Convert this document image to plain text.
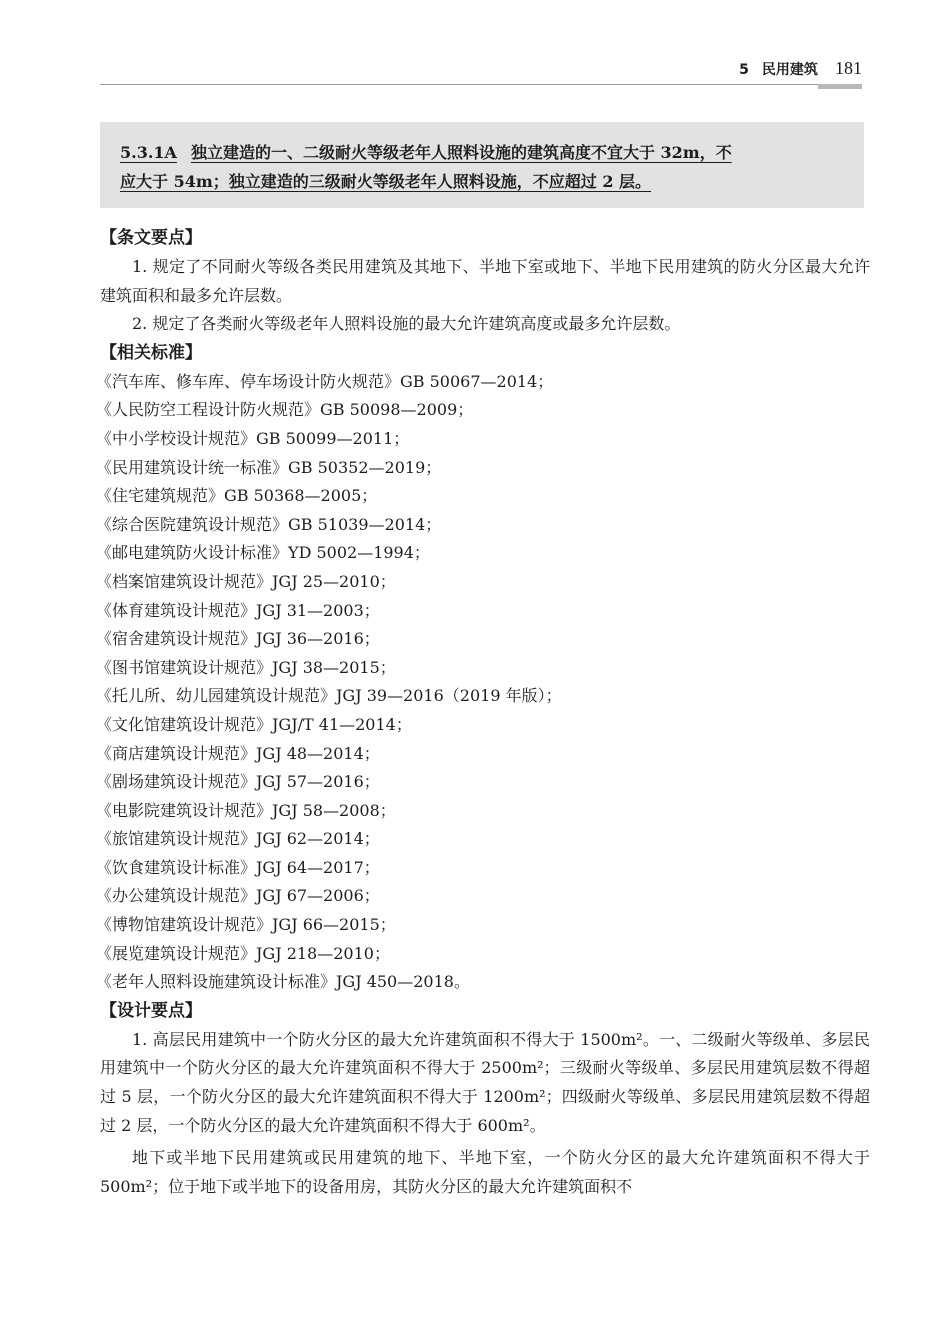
5 民用建筑 181
5.3.1A 独立建造的一、二级耐火等级老年人照料设施的建筑高度不宜大于 32m，不
应大于 54m；独立建造的三级耐火等级老年人照料设施，不应超过 2 层。
【条文要点】

1. 规定了不同耐火等级各类民用建筑及其地下、半地下室或地下、半地下民用建筑的防火分区最大允许建筑面积和最多允许层数。

2. 规定了各类耐火等级老年人照料设施的最大允许建筑高度或最多允许层数。

【相关标准】
《汽车库、修车库、停车场设计防火规范》GB 50067—2014；
《人民防空工程设计防火规范》GB 50098—2009；
《中小学校设计规范》GB 50099—2011；
《民用建筑设计统一标准》GB 50352—2019；
《住宅建筑规范》GB 50368—2005；
《综合医院建筑设计规范》GB 51039—2014；
《邮电建筑防火设计标准》YD 5002—1994；
《档案馆建筑设计规范》JGJ 25—2010；
《体育建筑设计规范》JGJ 31—2003；
《宿舍建筑设计规范》JGJ 36—2016；
《图书馆建筑设计规范》JGJ 38—2015；
《托儿所、幼儿园建筑设计规范》JGJ 39—2016（2019 年版）；
《文化馆建筑设计规范》JGJ/T 41—2014；
《商店建筑设计规范》JGJ 48—2014；
《剧场建筑设计规范》JGJ 57—2016；
《电影院建筑设计规范》JGJ 58—2008；
《旅馆建筑设计规范》JGJ 62—2014；
《饮食建筑设计标准》JGJ 64—2017；
《办公建筑设计规范》JGJ 67—2006；
《博物馆建筑设计规范》JGJ 66—2015；
《展览建筑设计规范》JGJ 218—2010；
《老年人照料设施建筑设计标准》JGJ 450—2018。
【设计要点】

1. 高层民用建筑中一个防火分区的最大允许建筑面积不得大于 1500m²。一、二级耐火等级单、多层民用建筑中一个防火分区的最大允许建筑面积不得大于 2500m²；三级耐火等级单、多层民用建筑层数不得超过 5 层，一个防火分区的最大允许建筑面积不得大于 1200m²；四级耐火等级单、多层民用建筑层数不得超过 2 层，一个防火分区的最大允许建筑面积不得大于 600m²。

地下或半地下民用建筑或民用建筑的地下、半地下室，一个防火分区的最大允许建筑面积不得大于 500m²；位于地下或半地下的设备用房，其防火分区的最大允许建筑面积不
